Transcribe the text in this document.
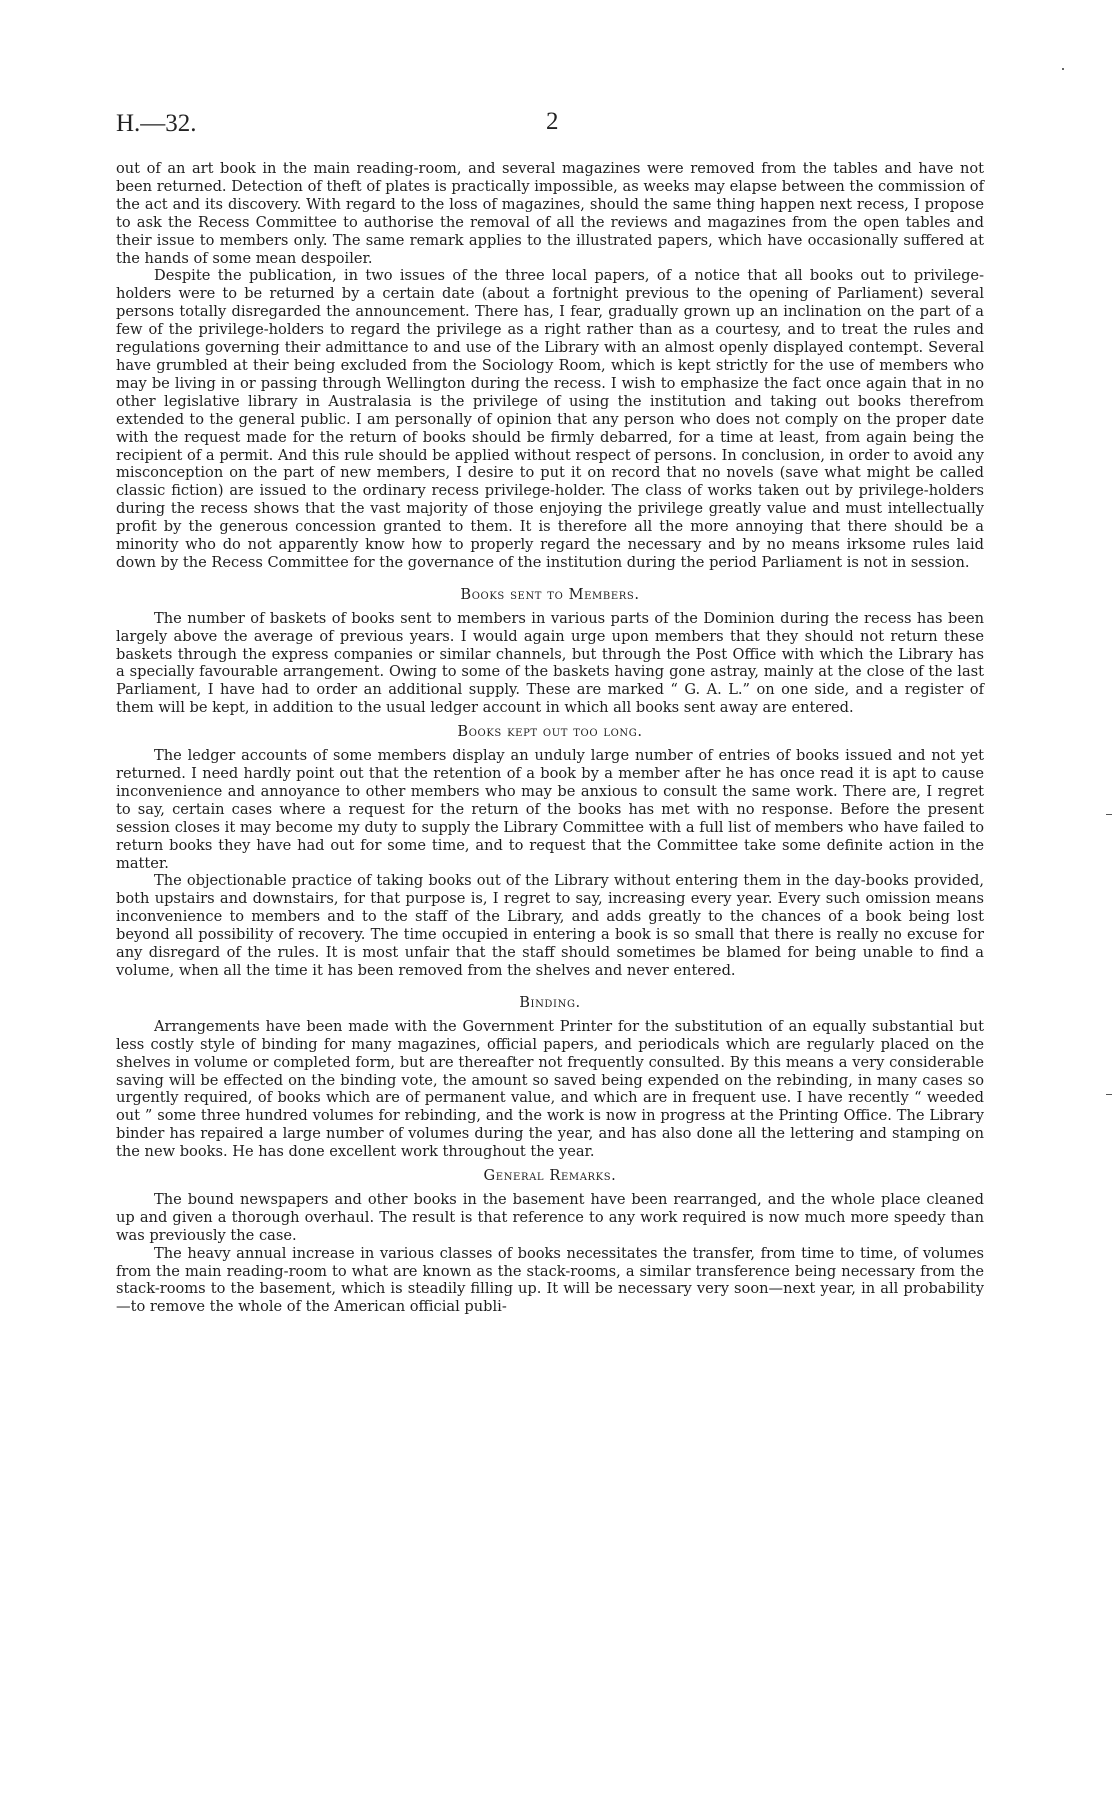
H.—32.	2

out of an art book in the main reading-room, and several magazines were removed from the tables and have not been returned. Detection of theft of plates is practically impossible, as weeks may elapse between the commission of the act and its discovery. With regard to the loss of magazines, should the same thing happen next recess, I propose to ask the Recess Committee to authorise the removal of all the reviews and magazines from the open tables and their issue to members only. The same remark applies to the illustrated papers, which have occasionally suffered at the hands of some mean despoiler.

Despite the publication, in two issues of the three local papers, of a notice that all books out to privilege-holders were to be returned by a certain date (about a fortnight previous to the opening of Parliament) several persons totally disregarded the announcement. There has, I fear, gradually grown up an inclination on the part of a few of the privilege-holders to regard the privilege as a right rather than as a courtesy, and to treat the rules and regulations governing their admittance to and use of the Library with an almost openly displayed contempt. Several have grumbled at their being excluded from the Sociology Room, which is kept strictly for the use of members who may be living in or passing through Wellington during the recess. I wish to emphasize the fact once again that in no other legislative library in Australasia is the privilege of using the institution and taking out books therefrom extended to the general public. I am personally of opinion that any person who does not comply on the proper date with the request made for the return of books should be firmly debarred, for a time at least, from again being the recipient of a permit. And this rule should be applied without respect of persons. In conclusion, in order to avoid any misconception on the part of new members, I desire to put it on record that no novels (save what might be called classic fiction) are issued to the ordinary recess privilege-holder. The class of works taken out by privilege-holders during the recess shows that the vast majority of those enjoying the privilege greatly value and must intellectually profit by the generous concession granted to them. It is therefore all the more annoying that there should be a minority who do not apparently know how to properly regard the necessary and by no means irksome rules laid down by the Recess Committee for the governance of the institution during the period Parliament is not in session.

Books sent to Members.

The number of baskets of books sent to members in various parts of the Dominion during the recess has been largely above the average of previous years. I would again urge upon members that they should not return these baskets through the express companies or similar channels, but through the Post Office with which the Library has a specially favourable arrangement. Owing to some of the baskets having gone astray, mainly at the close of the last Parliament, I have had to order an additional supply. These are marked “ G. A. L.” on one side, and a register of them will be kept, in addition to the usual ledger account in which all books sent away are entered.

Books kept out too long.

The ledger accounts of some members display an unduly large number of entries of books issued and not yet returned. I need hardly point out that the retention of a book by a member after he has once read it is apt to cause inconvenience and annoyance to other members who may be anxious to consult the same work. There are, I regret to say, certain cases where a request for the return of the books has met with no response. Before the present session closes it may become my duty to supply the Library Committee with a full list of members who have failed to return books they have had out for some time, and to request that the Committee take some definite action in the matter.

The objectionable practice of taking books out of the Library without entering them in the day-books provided, both upstairs and downstairs, for that purpose is, I regret to say, increasing every year. Every such omission means inconvenience to members and to the staff of the Library, and adds greatly to the chances of a book being lost beyond all possibility of recovery. The time occupied in entering a book is so small that there is really no excuse for any disregard of the rules. It is most unfair that the staff should sometimes be blamed for being unable to find a volume, when all the time it has been removed from the shelves and never entered.

Binding.

Arrangements have been made with the Government Printer for the substitution of an equally substantial but less costly style of binding for many magazines, official papers, and periodicals which are regularly placed on the shelves in volume or completed form, but are thereafter not frequently consulted. By this means a very considerable saving will be effected on the binding vote, the amount so saved being expended on the rebinding, in many cases so urgently required, of books which are of permanent value, and which are in frequent use. I have recently “ weeded out ” some three hundred volumes for rebinding, and the work is now in progress at the Printing Office. The Library binder has repaired a large number of volumes during the year, and has also done all the lettering and stamping on the new books. He has done excellent work throughout the year.

General Remarks.

The bound newspapers and other books in the basement have been rearranged, and the whole place cleaned up and given a thorough overhaul. The result is that reference to any work required is now much more speedy than was previously the case.

The heavy annual increase in various classes of books necessitates the transfer, from time to time, of volumes from the main reading-room to what are known as the stack-rooms, a similar transference being necessary from the stack-rooms to the basement, which is steadily filling up. It will be necessary very soon—next year, in all probability—to remove the whole of the American official publi-
